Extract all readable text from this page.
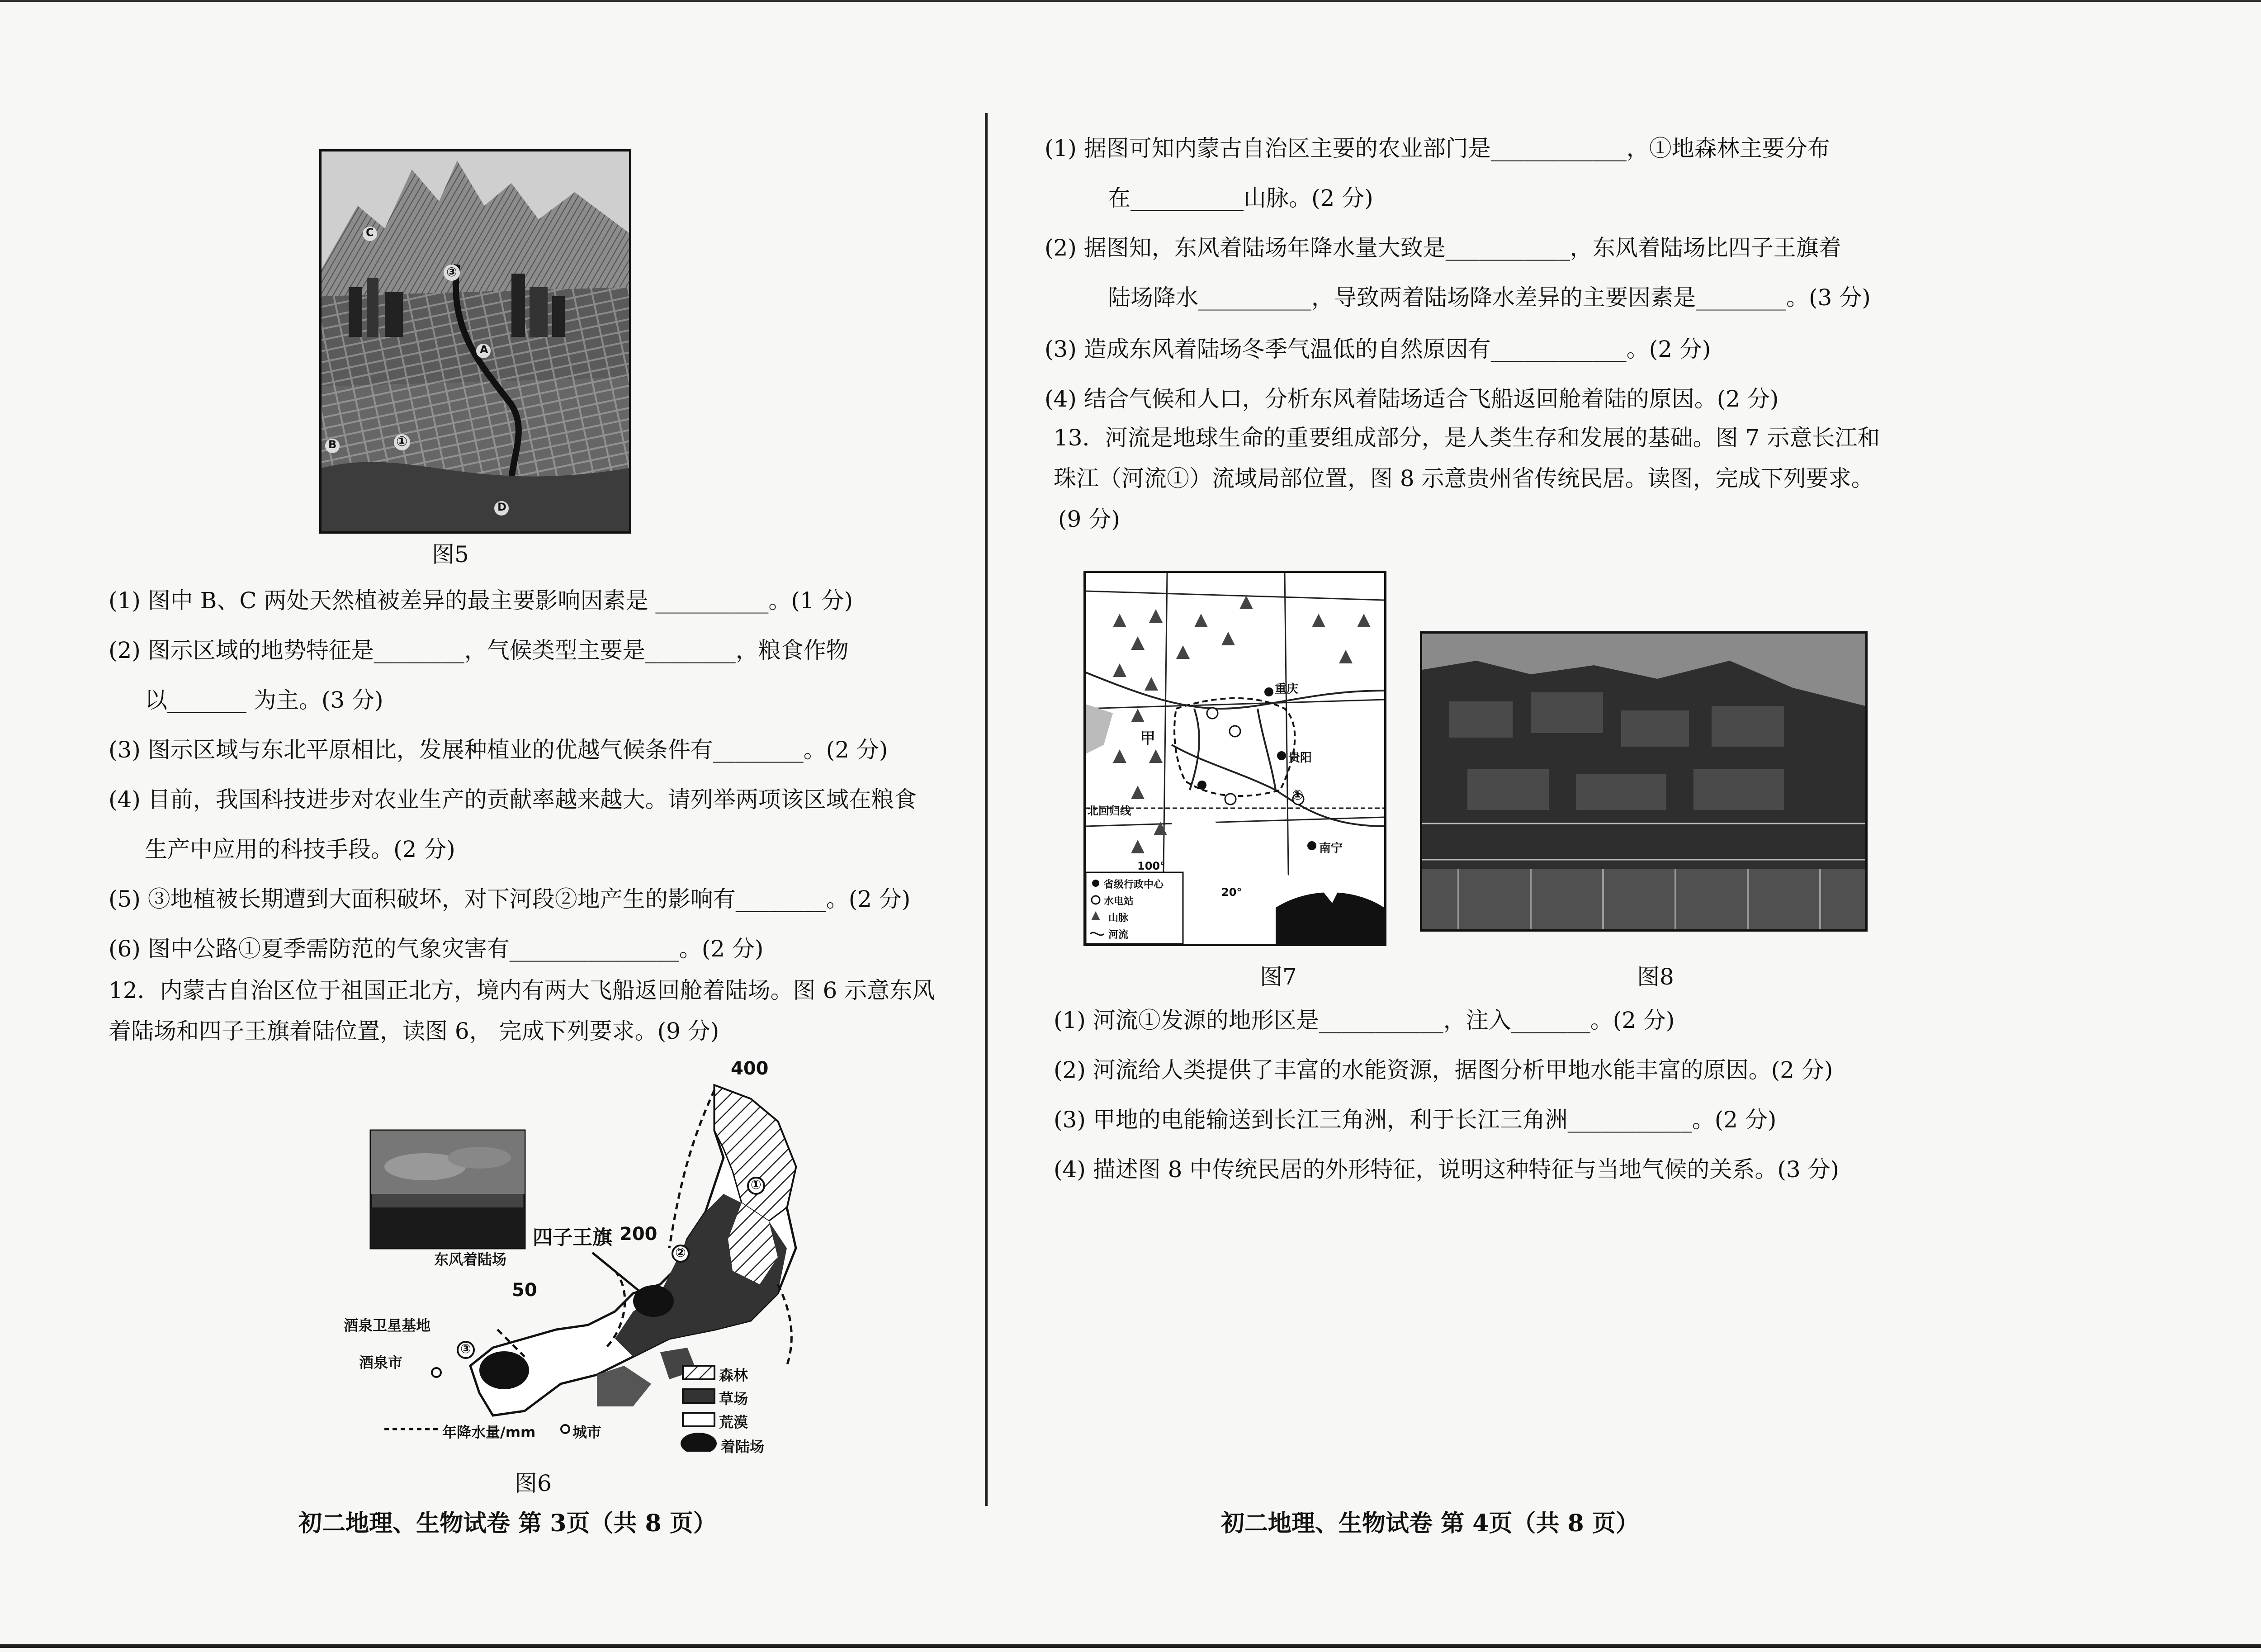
C
③
B	①
A
D
图5
(1) 图中 B、C 两处天然植被差异的最主要影响因素是 __________。(1 分)
(2) 图示区域的地势特征是________，气候类型主要是________，粮食作物
以_______ 为主。(3 分)
(3) 图示区域与东北平原相比，发展种植业的优越气候条件有________。(2 分)
(4) 目前，我国科技进步对农业生产的贡献率越来越大。请列举两项该区域在粮食
生产中应用的科技手段。(2 分)
(5) ③地植被长期遭到大面积破坏，对下河段②地产生的影响有________。(2 分)
(6) 图中公路①夏季需防范的气象灾害有_______________。(2 分)
12．内蒙古自治区位于祖国正北方，境内有两大飞船返回舱着陆场。图 6 示意东风
着陆场和四子王旗着陆位置，读图 6， 完成下列要求。(9 分)
400
四子王旗 200
东风着陆场
50
酒泉卫星基地
酒泉市
③
①
②
森林
草场
荒漠
着陆场
年降水量/mm	城市
图6
初二地理、生物试卷 第 3页（共 8 页）
(1) 据图可知内蒙古自治区主要的农业部门是____________，①地森林主要分布
在__________山脉。(2 分)
(2) 据图知，东风着陆场年降水量大致是___________，东风着陆场比四子王旗着
陆场降水__________，导致两着陆场降水差异的主要因素是________。(3 分)
(3) 造成东风着陆场冬季气温低的自然原因有____________。(2 分)
(4) 结合气候和人口，分析东风着陆场适合飞船返回舱着陆的原因。(2 分)
13．河流是地球生命的重要组成部分，是人类生存和发展的基础。图 7 示意长江和
珠江（河流①）流域局部位置，图 8 示意贵州省传统民居。读图，完成下列要求。
(9 分)
重庆
甲
贵阳
①
北回归线
南宁
100°
20°
省级行政中心
水电站
山脉
河流
图7	图8
(1) 河流①发源的地形区是___________，注入_______。(2 分)
(2) 河流给人类提供了丰富的水能资源，据图分析甲地水能丰富的原因。(2 分)
(3) 甲地的电能输送到长江三角洲，利于长江三角洲___________。(2 分)
(4) 描述图 8 中传统民居的外形特征，说明这种特征与当地气候的关系。(3 分)
初二地理、生物试卷 第 4页（共 8 页）
